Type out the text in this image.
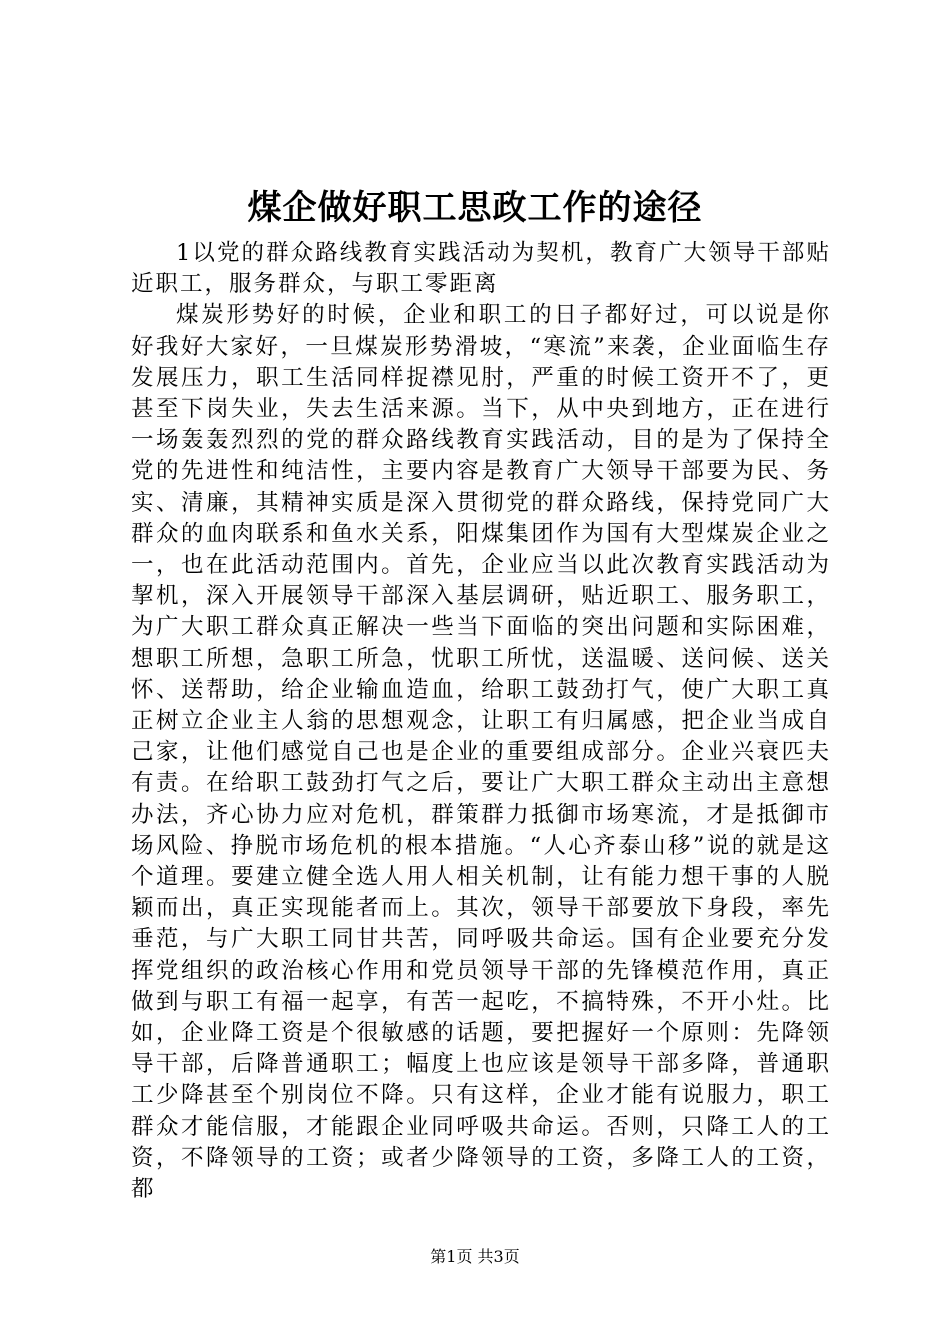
煤企做好职工思政工作的途径

1以党的群众路线教育实践活动为契机，教育广大领导干部贴近职工，服务群众，与职工零距离

煤炭形势好的时候，企业和职工的日子都好过，可以说是你好我好大家好，一旦煤炭形势滑坡，“寒流”来袭，企业面临生存发展压力，职工生活同样捉襟见肘，严重的时候工资开不了，更甚至下岗失业，失去生活来源。当下，从中央到地方，正在进行一场轰轰烈烈的党的群众路线教育实践活动，目的是为了保持全党的先进性和纯洁性，主要内容是教育广大领导干部要为民、务实、清廉，其精神实质是深入贯彻党的群众路线，保持党同广大群众的血肉联系和鱼水关系，阳煤集团作为国有大型煤炭企业之一，也在此活动范围内。首先，企业应当以此次教育实践活动为挈机，深入开展领导干部深入基层调研，贴近职工、服务职工，为广大职工群众真正解决一些当下面临的突出问题和实际困难，想职工所想，急职工所急，忧职工所忧，送温暖、送问候、送关怀、送帮助，给企业输血造血，给职工鼓劲打气，使广大职工真正树立企业主人翁的思想观念，让职工有归属感，把企业当成自己家，让他们感觉自己也是企业的重要组成部分。企业兴衰匹夫有责。在给职工鼓劲打气之后，要让广大职工群众主动出主意想办法，齐心协力应对危机，群策群力抵御市场寒流，才是抵御市场风险、挣脱市场危机的根本措施。“人心齐泰山移”说的就是这个道理。要建立健全选人用人相关机制，让有能力想干事的人脱颖而出，真正实现能者而上。其次，领导干部要放下身段，率先垂范，与广大职工同甘共苦，同呼吸共命运。国有企业要充分发挥党组织的政治核心作用和党员领导干部的先锋模范作用，真正做到与职工有福一起享，有苦一起吃，不搞特殊，不开小灶。比如，企业降工资是个很敏感的话题，要把握好一个原则：先降领导干部，后降普通职工；幅度上也应该是领导干部多降，普通职工少降甚至个别岗位不降。只有这样，企业才能有说服力，职工群众才能信服，才能跟企业同呼吸共命运。否则，只降工人的工资，不降领导的工资；或者少降领导的工资，多降工人的工资，都

第1页 共3页
